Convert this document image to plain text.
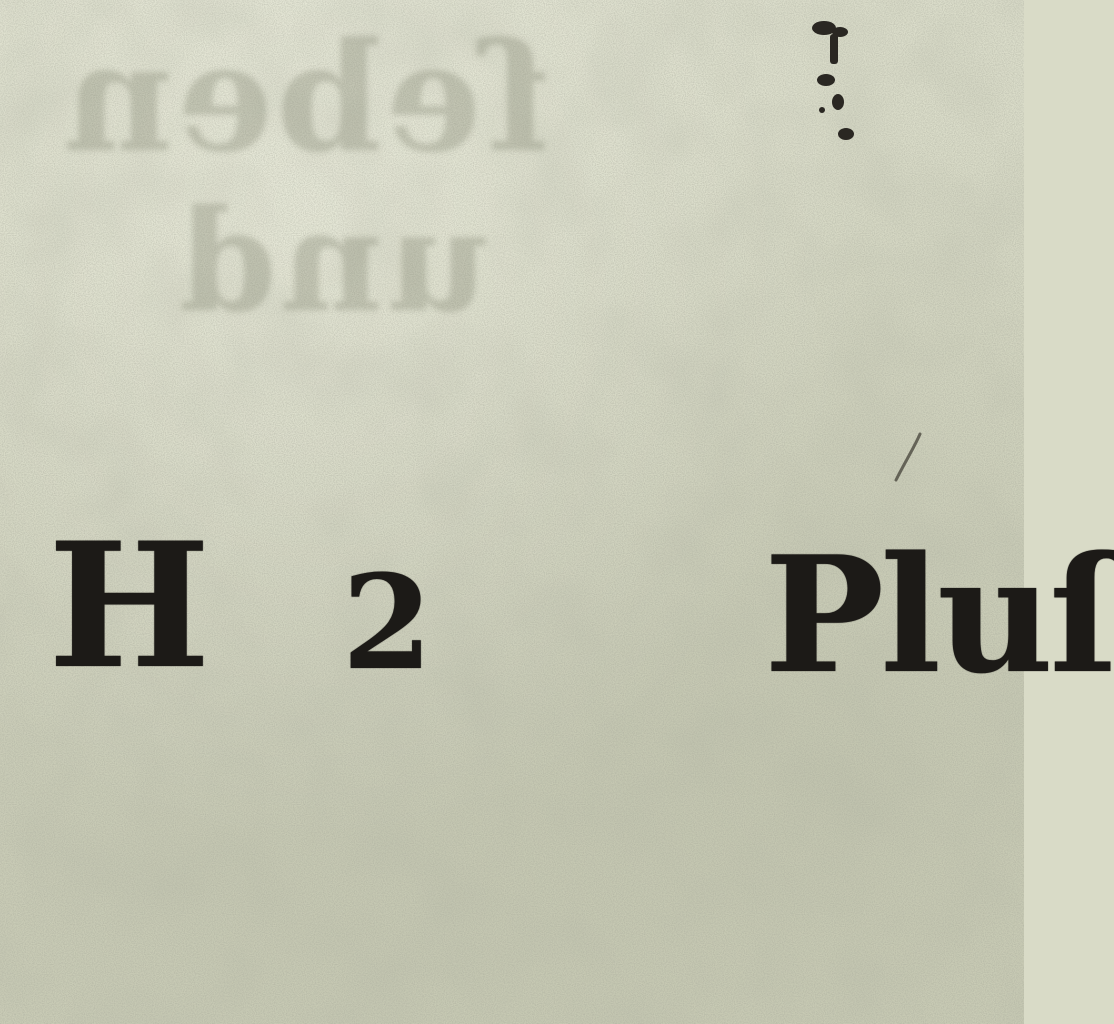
ſeben
und
H 2 Pluſ
